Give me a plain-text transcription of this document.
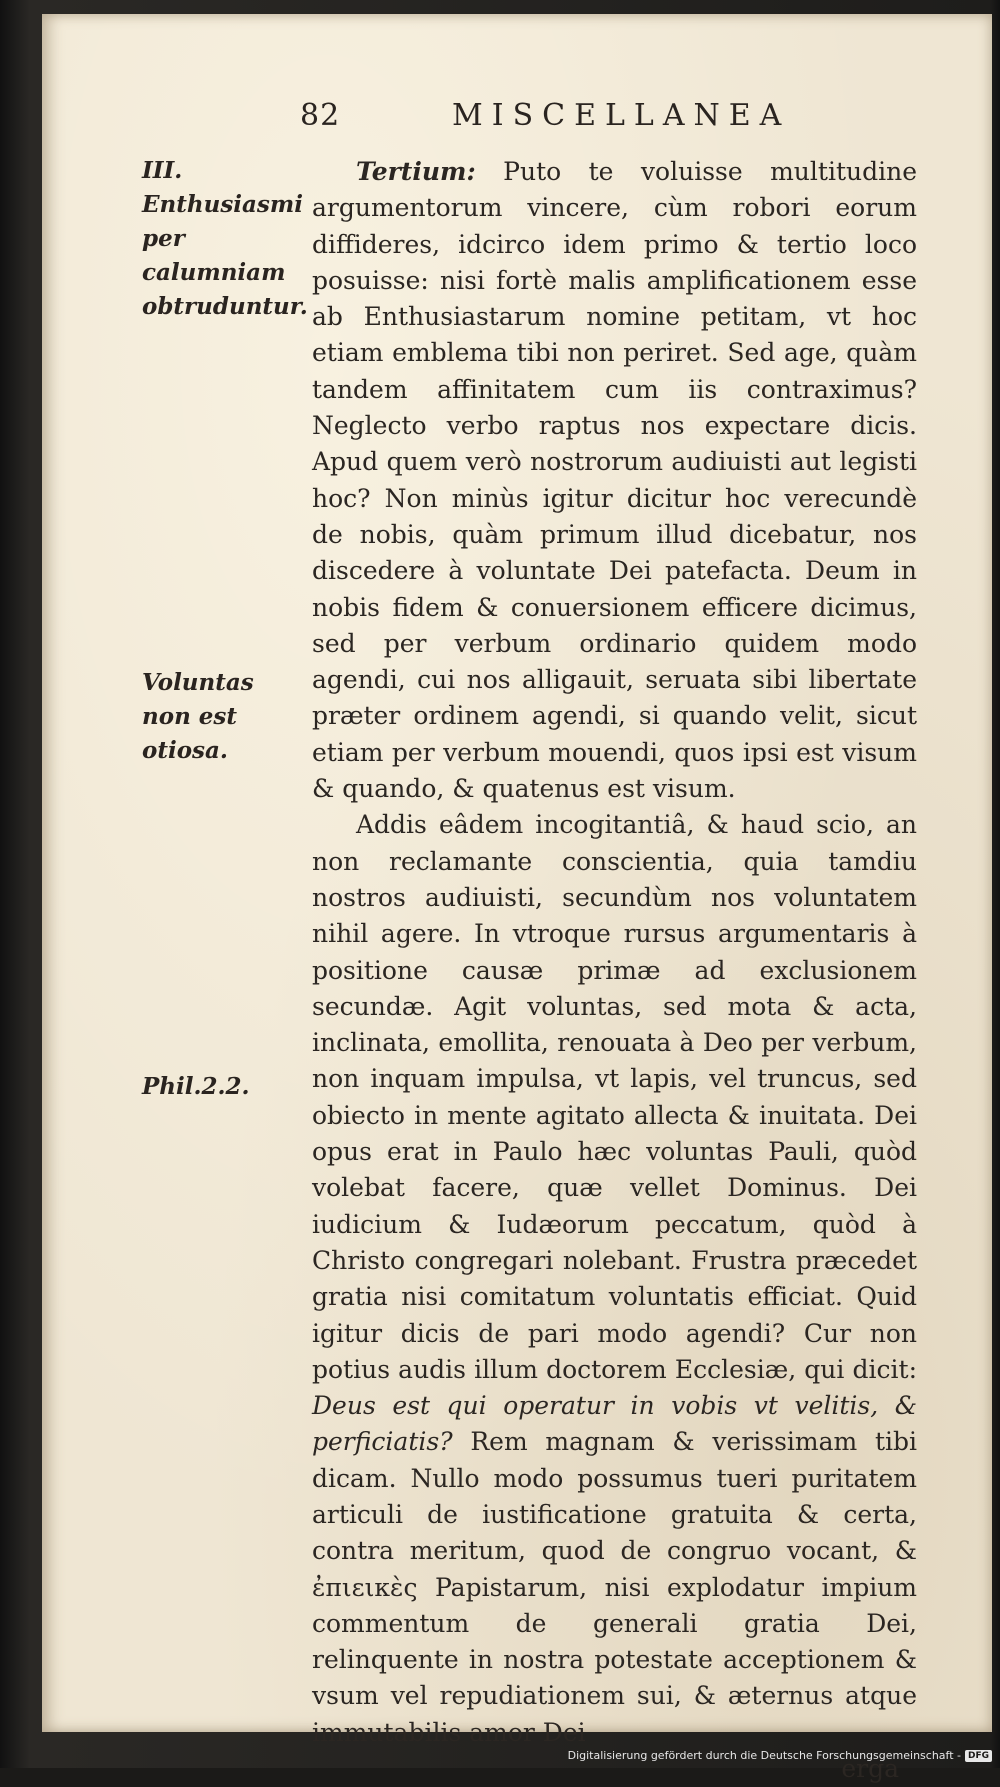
82	MISCELLANEA
III. Enthusiasmi per calumniam obtruduntur.
Voluntas non est otiosa.
Phil.2.2.

Tertium: Puto te voluisse multitudine argumentorum vincere, cùm robori eorum diffideres, idcirco idem primo & tertio loco posuisse: nisi fortè malis amplificationem esse ab Enthusiastarum nomine petitam, vt hoc etiam emblema tibi non periret. Sed age, quàm tandem affinitatem cum iis contraximus? Neglecto verbo raptus nos expectare dicis. Apud quem verò nostrorum audiuisti aut legisti hoc? Non minùs igitur dicitur hoc verecundè de nobis, quàm primum illud dicebatur, nos discedere à voluntate Dei patefacta. Deum in nobis fidem & conuersionem efficere dicimus, sed per verbum ordinario quidem modo agendi, cui nos alligauit, seruata sibi libertate præter ordinem agendi, si quando velit, sicut etiam per verbum mouendi, quos ipsi est visum & quando, & quatenus est visum.

Addis eâdem incogitantiâ, & haud scio, an non reclamante conscientia, quia tamdiu nostros audiuisti, secundùm nos voluntatem nihil agere. In vtroque rursus argumentaris à positione causæ primæ ad exclusionem secundæ. Agit voluntas, sed mota & acta, inclinata, emollita, renouata à Deo per verbum, non inquam impulsa, vt lapis, vel truncus, sed obiecto in mente agitato allecta & inuitata. Dei opus erat in Paulo hæc voluntas Pauli, quòd volebat facere, quæ vellet Dominus. Dei iudicium & Iudæorum peccatum, quòd à Christo congregari nolebant. Frustra præcedet gratia nisi comitatum voluntatis efficiat. Quid igitur dicis de pari modo agendi? Cur non potius audis illum doctorem Ecclesiæ, qui dicit: Deus est qui operatur in vobis vt velitis, & perficiatis? Rem magnam & verissimam tibi dicam. Nullo modo possumus tueri puritatem articuli de iustificatione gratuita & certa, contra meritum, quod de congruo vocant, & ἐπιεικὲς Papistarum, nisi explodatur impium commentum de generali gratia Dei, relinquente in nostra potestate acceptionem & vsum vel repudiationem sui, & æternus atque immutabilis amor Dei

erga
Digitalisierung gefördert durch die Deutsche Forschungsgemeinschaft - DFG
